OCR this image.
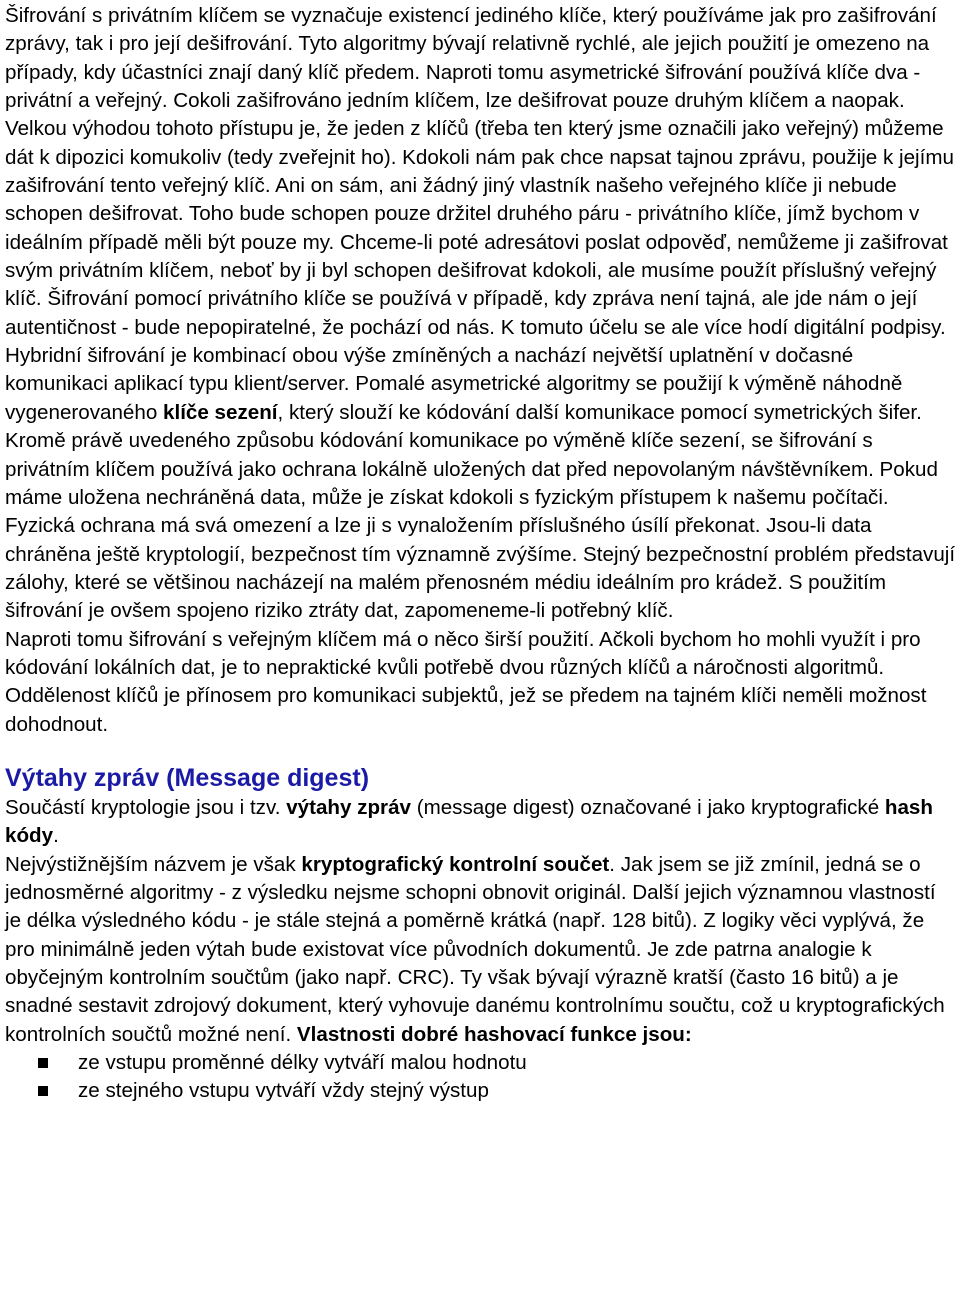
Šifrování s privátním klíčem se vyznačuje existencí jediného klíče, který používáme jak pro zašifrování zprávy, tak i pro její dešifrování. Tyto algoritmy bývají relativně rychlé, ale jejich použití je omezeno na případy, kdy účastníci znají daný klíč předem. Naproti tomu asymetrické šifrování používá klíče dva - privátní a veřejný. Cokoli zašifrováno jedním klíčem, lze dešifrovat pouze druhým klíčem a naopak. Velkou výhodou tohoto přístupu je, že jeden z klíčů (třeba ten který jsme označili jako veřejný) můžeme dát k dipozici komukoliv (tedy zveřejnit ho). Kdokoli nám pak chce napsat tajnou zprávu, použije k jejímu zašifrování tento veřejný klíč. Ani on sám, ani žádný jiný vlastník našeho veřejného klíče ji nebude schopen dešifrovat. Toho bude schopen pouze držitel druhého páru - privátního klíče, jímž bychom v ideálním případě měli být pouze my. Chceme-li poté adresátovi poslat odpověď, nemůžeme ji zašifrovat svým privátním klíčem, neboť by ji byl schopen dešifrovat kdokoli, ale musíme použít příslušný veřejný klíč. Šifrování pomocí privátního klíče se používá v případě, kdy zpráva není tajná, ale jde nám o její autentičnost - bude nepopiratelné, že pochází od nás. K tomuto účelu se ale více hodí digitální podpisy.

Hybridní šifrování je kombinací obou výše zmíněných a nachází největší uplatnění v dočasné komunikaci aplikací typu klient/server. Pomalé asymetrické algoritmy se použijí k výměně náhodně vygenerovaného klíče sezení, který slouží ke kódování další komunikace pomocí symetrických šifer. Kromě právě uvedeného způsobu kódování komunikace po výměně klíče sezení, se šifrování s privátním klíčem používá jako ochrana lokálně uložených dat před nepovolaným návštěvníkem. Pokud máme uložena nechráněná data, může je získat kdokoli s fyzickým přístupem k našemu počítači. Fyzická ochrana má svá omezení a lze ji s vynaložením příslušného úsílí překonat. Jsou-li data chráněna ještě kryptologií, bezpečnost tím významně zvýšíme. Stejný bezpečnostní problém představují zálohy, které se většinou nacházejí na malém přenosném médiu ideálním pro krádež. S použitím šifrování je ovšem spojeno riziko ztráty dat, zapomeneme-li potřebný klíč.

Naproti tomu šifrování s veřejným klíčem má o něco širší použití. Ačkoli bychom ho mohli využít i pro kódování lokálních dat, je to nepraktické kvůli potřebě dvou různých klíčů a náročnosti algoritmů. Oddělenost klíčů je přínosem pro komunikaci subjektů, jež se předem na tajném klíči neměli možnost dohodnout.

Výtahy zpráv (Message digest)

Součástí kryptologie jsou i tzv. výtahy zpráv (message digest) označované i jako kryptografické hash kódy.

Nejvýstižnějším názvem je však kryptografický kontrolní součet. Jak jsem se již zmínil, jedná se o jednosměrné algoritmy - z výsledku nejsme schopni obnovit originál. Další jejich významnou vlastností je délka výsledného kódu - je stále stejná a poměrně krátká (např. 128 bitů). Z logiky věci vyplývá, že pro minimálně jeden výtah bude existovat více původních dokumentů. Je zde patrna analogie k obyčejným kontrolním součtům (jako např. CRC). Ty však bývají výrazně kratší (často 16 bitů) a je snadné sestavit zdrojový dokument, který vyhovuje danému kontrolnímu součtu, což u kryptografických kontrolních součtů možné není. Vlastnosti dobré hashovací funkce jsou:

ze vstupu proměnné délky vytváří malou hodnotu
ze stejného vstupu vytváří vždy stejný výstup
